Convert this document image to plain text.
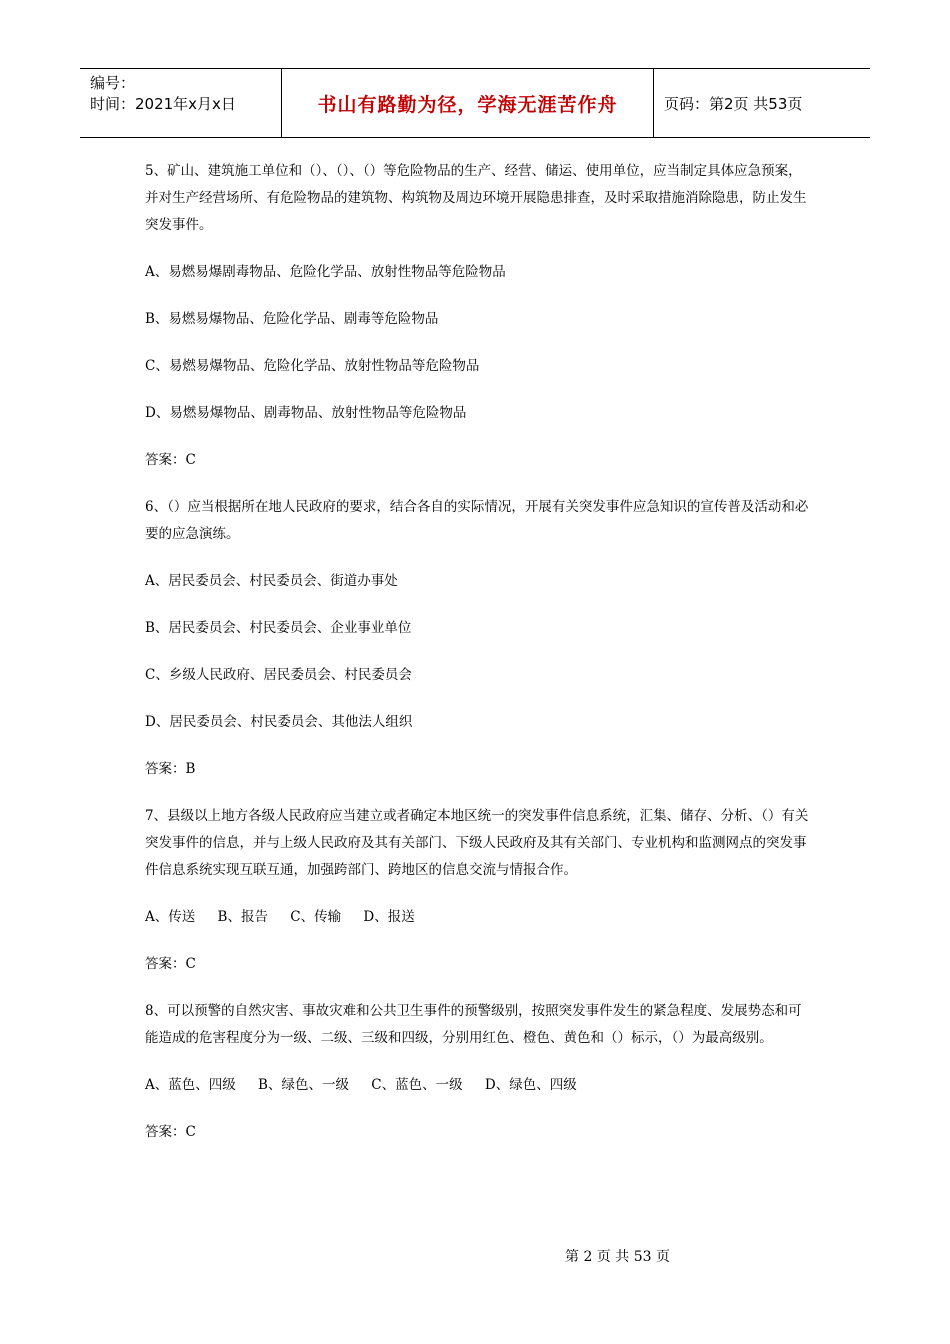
编号：
时间：2021年x月x日	书山有路勤为径，学海无涯苦作舟	页码：第2页 共53页

5、矿山、建筑施工单位和（）、（）、（）等危险物品的生产、经营、储运、使用单位，应当制定具体应急预案，并对生产经营场所、有危险物品的建筑物、构筑物及周边环境开展隐患排查，及时采取措施消除隐患，防止发生突发事件。

A、易燃易爆剧毒物品、危险化学品、放射性物品等危险物品

B、易燃易爆物品、危险化学品、剧毒等危险物品

C、易燃易爆物品、危险化学品、放射性物品等危险物品

D、易燃易爆物品、剧毒物品、放射性物品等危险物品

答案：C

6、（）应当根据所在地人民政府的要求，结合各自的实际情况，开展有关突发事件应急知识的宣传普及活动和必要的应急演练。

A、居民委员会、村民委员会、街道办事处

B、居民委员会、村民委员会、企业事业单位

C、乡级人民政府、居民委员会、村民委员会

D、居民委员会、村民委员会、其他法人组织

答案：B

7、县级以上地方各级人民政府应当建立或者确定本地区统一的突发事件信息系统，汇集、储存、分析、（）有关突发事件的信息，并与上级人民政府及其有关部门、下级人民政府及其有关部门、专业机构和监测网点的突发事件信息系统实现互联互通，加强跨部门、跨地区的信息交流与情报合作。

A、传送 B、报告 C、传输 D、报送

答案：C

8、可以预警的自然灾害、事故灾难和公共卫生事件的预警级别，按照突发事件发生的紧急程度、发展势态和可能造成的危害程度分为一级、二级、三级和四级，分别用红色、橙色、黄色和（）标示，（）为最高级别。

A、蓝色、四级 B、绿色、一级 C、蓝色、一级 D、绿色、四级

答案：C

第 2 页 共 53 页
